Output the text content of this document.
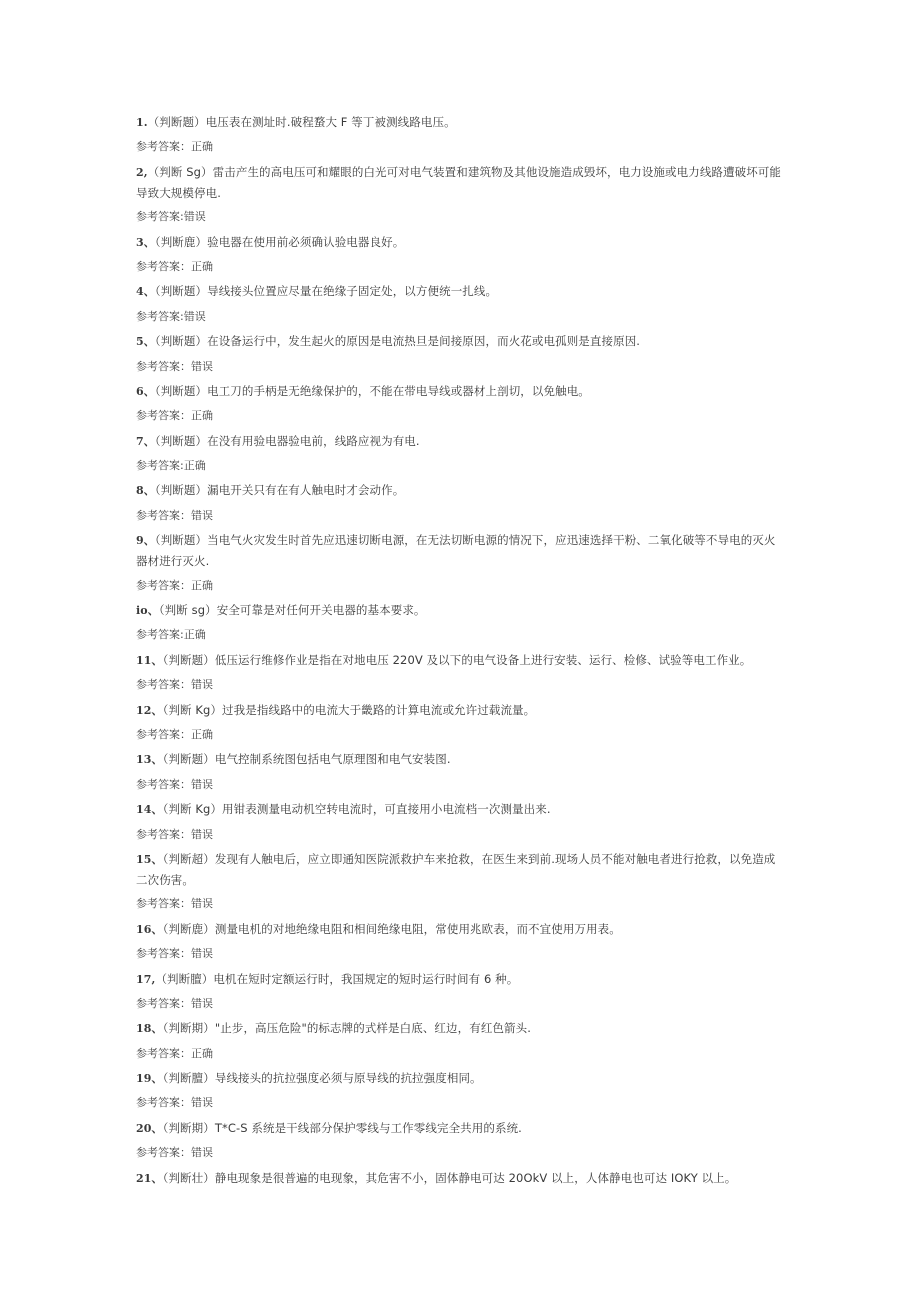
1.（判断题）电压表在测址时.破程蝥大 F 等丁被测线路电压。

参考答案：正确

2,（判断 Sg）雷击产生的高电压可和耀眼的白光可对电气装置和建筑物及其他设施造成毁坏，电力设施或电力线路遭破坏可能导致大规模停电.

参考答案:错误

3、（判断鹿）验电器在使用前必须确认验电器良好。

参考答案：正确

4、（判断题）导线接头位置应尽量在绝缘子固定处，以方便统一扎线。

参考答案:错误

5、（判断题）在设备运行中，发生起火的原因是电流热旦是间接原因，而火花或电孤则是直接原因.

参考答案：错误

6、（判断题）电工刀的手柄是无绝缘保护的，不能在带电导线或器材上剖切，以免触电。

参考答案：正确

7、（判断题）在没有用验电器验电前，线路应视为有电.

参考答案:正确

8、（判断题）漏电开关只有在有人触电时才会动作。

参考答案：错误

9、（判断题）当电气火灾发生时首先应迅速切断电源，在无法切断电源的情况下，应迅速选择干粉、二氧化破等不导电的灭火器材进行灭火.

参考答案：正确

io、（判断 sg）安全可靠是对任何开关电器的基本要求。

参考答案:正确

11、（判断题）低压运行维修作业是指在对地电压 220V 及以下的电气设备上进行安装、运行、检修、试验等电工作业。

参考答案：错误

12、（判断 Kg）过我是指线路中的电流大于畿路的计算电流或允许过载流量。

参考答案：正确

13、（判断题）电气控制系统图包括电气原理图和电气安装图.

参考答案：错误

14、（判断 Kg）用钳表测量电动机空转电流时，可直接用小电流档一次测量出来.

参考答案：错误

15、（判断超）发现有人触电后，应立即通知医院派救护车来抢救，在医生来到前.现场人员不能对触电者进行抢救，以免造成二次伤害。

参考答案：错误

16、（判断鹿）测量电机的对地绝缘电阻和相间绝缘电阻，常使用兆欧表，而不宜使用万用表。

参考答案：错误

17,（判断膻）电机在短时定额运行时，我国规定的短时运行时间有 6 种。

参考答案：错误

18、（判断期）"止步，高压危险"的标志牌的式样是白底、红边，有红色箭头.

参考答案：正确

19、（判断膻）导线接头的抗拉强度必须与原导线的抗拉强度相同。

参考答案：错误

20、（判断期）T*C-S 系统是干线部分保护零线与工作零线完全共用的系统.

参考答案：错误

21、（判断壮）静电现象是很普遍的电现象，其危害不小，固体静电可达 20OkV 以上，人体静电也可达 IOKY 以上。
